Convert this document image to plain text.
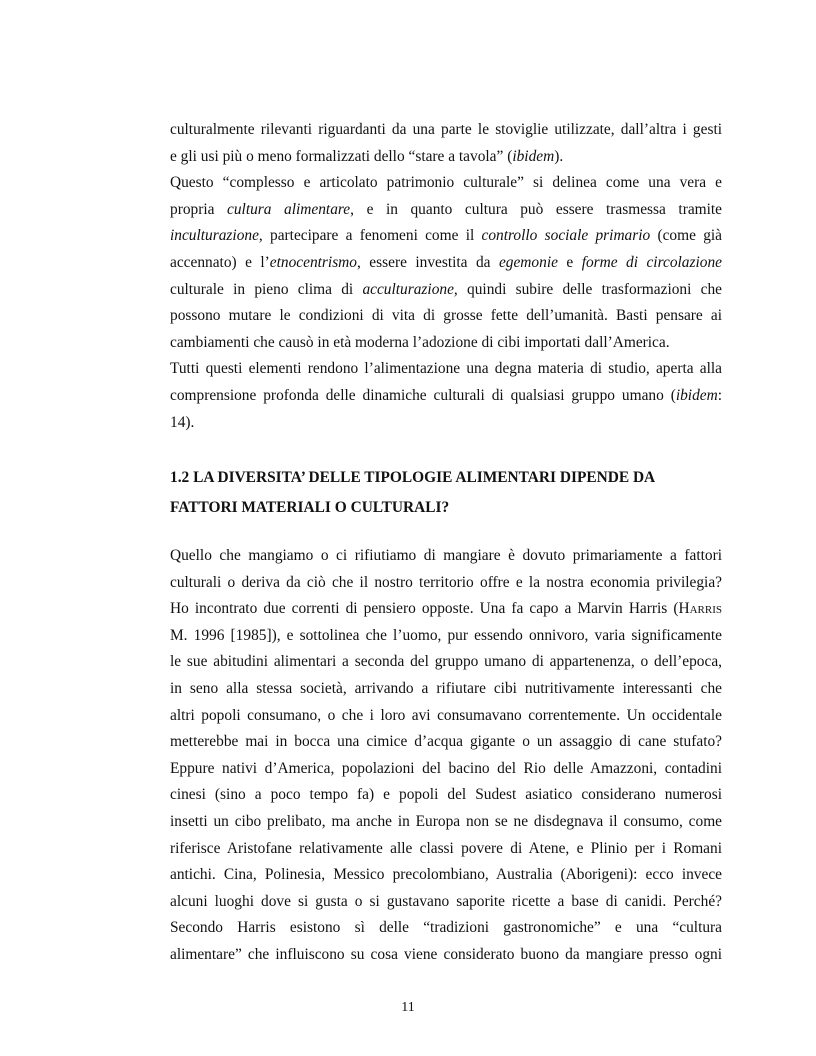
culturalmente rilevanti riguardanti da una parte le stoviglie utilizzate, dall’altra i gesti
e gli usi più o meno formalizzati dello “stare a tavola” (ibidem).
Questo “complesso e articolato patrimonio culturale” si delinea come una vera e
propria cultura alimentare, e in quanto cultura può essere trasmessa tramite
inculturazione, partecipare a fenomeni come il controllo sociale primario (come già
accennato) e l’etnocentrismo, essere investita da egemonie e forme di circolazione
culturale in pieno clima di acculturazione, quindi subire delle trasformazioni che
possono mutare le condizioni di vita di grosse fette dell’umanità. Basti pensare ai
cambiamenti che causò in età moderna l’adozione di cibi importati dall’America.
Tutti questi elementi rendono l’alimentazione una degna materia di studio, aperta alla
comprensione profonda delle dinamiche culturali di qualsiasi gruppo umano (ibidem:
14).
1.2 LA DIVERSITA’ DELLE TIPOLOGIE ALIMENTARI DIPENDE DA
FATTORI MATERIALI O CULTURALI?
Quello che mangiamo o ci rifiutiamo di mangiare è dovuto primariamente a fattori
culturali o deriva da ciò che il nostro territorio offre e la nostra economia privilegia?
Ho incontrato due correnti di pensiero opposte. Una fa capo a Marvin Harris (Harris
M. 1996 [1985]), e sottolinea che l’uomo, pur essendo onnivoro, varia significamente
le sue abitudini alimentari a seconda del gruppo umano di appartenenza, o dell’epoca,
in seno alla stessa società, arrivando a rifiutare cibi nutritivamente interessanti che
altri popoli consumano, o che i loro avi consumavano correntemente. Un occidentale
metterebbe mai in bocca una cimice d’acqua gigante o un assaggio di cane stufato?
Eppure nativi d’America, popolazioni del bacino del Rio delle Amazzoni, contadini
cinesi (sino a poco tempo fa) e popoli del Sudest asiatico considerano numerosi
insetti un cibo prelibato, ma anche in Europa non se ne disdegnava il consumo, come
riferisce Aristofane relativamente alle classi povere di Atene, e Plinio per i Romani
antichi. Cina, Polinesia, Messico precolombiano, Australia (Aborigeni): ecco invece
alcuni luoghi dove si gusta o si gustavano saporite ricette a base di canidi. Perché?
Secondo Harris esistono sì delle “tradizioni gastronomiche” e una “cultura
alimentare” che influiscono su cosa viene considerato buono da mangiare presso ogni
11
